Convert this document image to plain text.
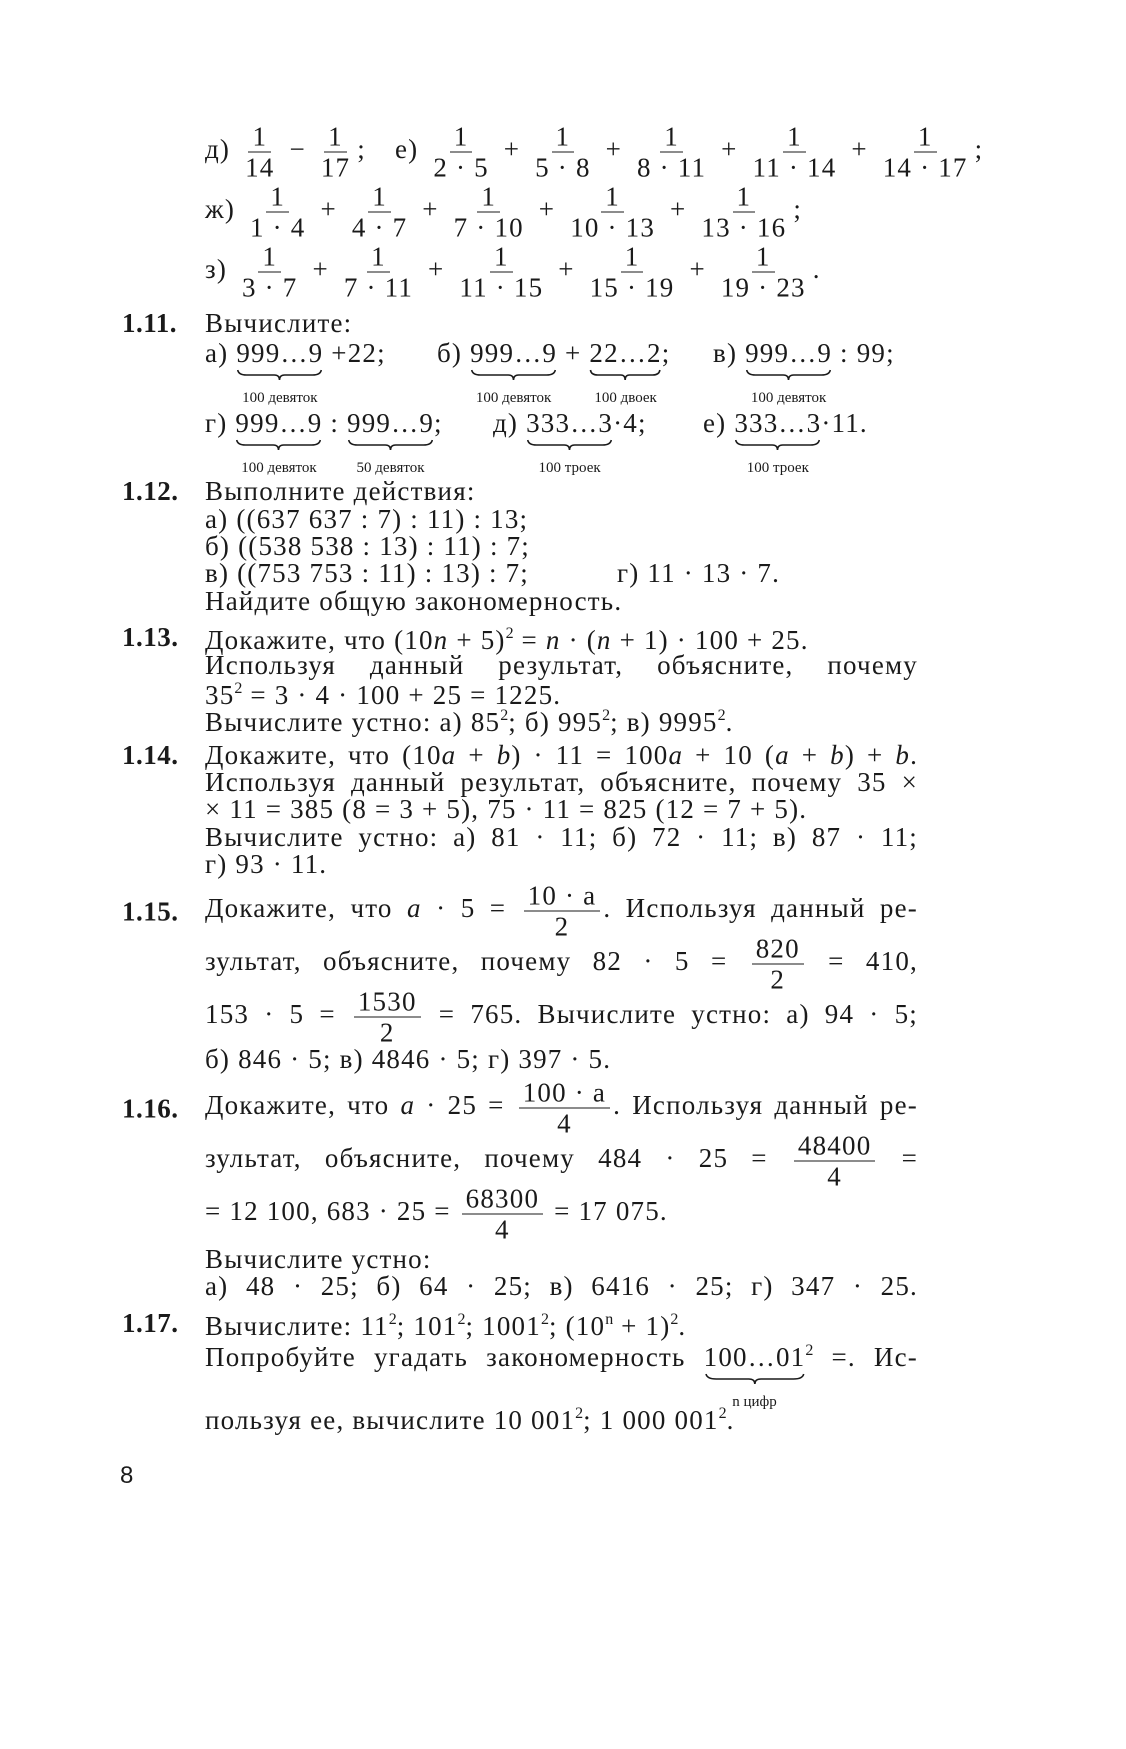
$д) \frac{1}{14} - \frac{1}{17}$ ; $е) \frac{1}{2 \cdot 5} + \frac{1}{5 \cdot 8} + \frac{1}{8 \cdot 11} + \frac{1}{11 \cdot 14} + \frac{1}{14 \cdot 17}$ ;
$ж) \frac{1}{1 \cdot 4} + \frac{1}{4 \cdot 7} + \frac{1}{7 \cdot 10} + \frac{1}{10 \cdot 13} + \frac{1}{13 \cdot 16}$ ;
$з) \frac{1}{3 \cdot 7} + \frac{1}{7 \cdot 11} + \frac{1}{11 \cdot 15} + \frac{1}{15 \cdot 19} + \frac{1}{19 \cdot 23}$ .
1.11. Вычислите:
а) 999…9
100 девяток
+22; б) 999…9
100 девяток
+ 22…2
100 двоек
; в) 999…9
100 девяток
: 99;
г) 999…9
100 девяток
: 999…9
50 девяток
; д) 333…3
100 троек
·4; е) 333…3
100 троек
·11.
1.12. Выполните действия:
а) ((637 637 : 7) : 11) : 13;
б) ((538 538 : 13) : 11) : 7;
в) ((753 753 : 11) : 13) : 7;	г) 11 · 13 · 7.
Найдите общую закономерность.
1.13. Докажите, что $(10n + 5)^2 = n \cdot (n + 1) \cdot 100 + 25$.
Используя данный результат, объясните, почему
$35^2 = 3 \cdot 4 \cdot 100 + 25 = 1225$.
Вычислите устно: а) $85^2$; б) $995^2$; в) 9995$^2$.
1.14. Докажите, что (10a + b) · 11 = 100a + 10 (a + b) + b.
Используя данный результат, объясните, почему 35 ×
× 11 = 385 (8 = 3 + 5), 75 · 11 = 825 (12 = 7 + 5).
Вычислите устно: а) 81 · 11; б) 72 · 11; в) 87 · 11;
г) 93 · 11.
1.15. Докажите, что $a \cdot 5 = \frac{10 \cdot a}{2}$ . Используя данный ре-
зультат, объясните, почему $82 \cdot 5 = \frac{820}{2} = 410$,
$153 \cdot 5 = \frac{1530}{2} = 765$. Вычислите устно: а) 94 · 5;
б) 846 · 5; в) 4846 · 5; г) 397 · 5.
1.16. Докажите, что $a \cdot 25 = \frac{100 \cdot a}{4}$ . Используя данный ре-
зультат, объясните, почему $484 \cdot 25 = \frac{48400}{4}$ =
= 12 100, $683 \cdot 25 = \frac{68300}{4} = 17$ 075.
Вычислите устно:
а) 48 · 25; б) 64 · 25; в) 6416 · 25; г) 347 · 25.
1.17. Вычислите: $11^2$; $101^2$; 1001$^2$; $(10^n + 1)^2$.
Попробуйте угадать закономерность 100…01
n цифр
$^2$ =. Ис-
пользуя ее, вычислите 10 $001^2$; 1 000 $001^2$.
8
